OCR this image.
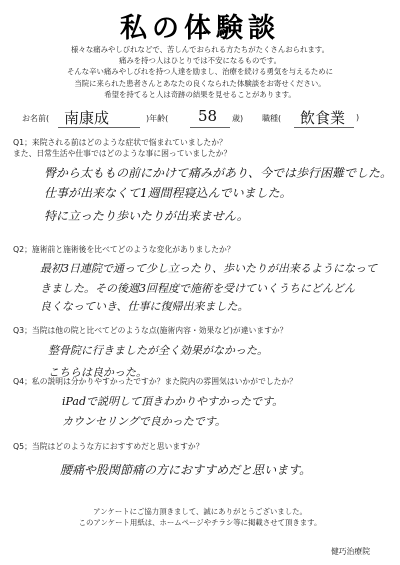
私の体験談
様々な痛みやしびれなどで、苦しんでおられる方たちがたくさんおられます。
痛みを持つ人はひとりでは不安になるものです。
そんな辛い痛みやしびれを持つ人達を励まし、治療を続ける勇気を与えるために
当院に来られた患者さんとあなたの良くなられた体験談をお寄せください。
希望を持てると人は奇跡の結果を見せることがあります。
お名前( 南康成	)年齢( 58 歳) 職種( 飲食業 )
Q1；来院される前はどのような症状で悩まれていましたか？
また、日常生活や仕事ではどのような事に困っていましたか？
臀から太ももの前にかけて痛みがあり、今では歩行困難でした。
仕事が出来なくて1週間程寝込んでいました。
特に立ったり歩いたりが出来ません。
Q2；施術前と施術後を比べてどのような変化がありましたか？
最初3日連院で通って少し立ったり、歩いたりが出来るようになって
きました。その後週3回程度で施術を受けていくうちにどんどん
良くなっていき、仕事に復帰出来ました。
Q3；当院は他の院と比べてどのような点(施術内容・効果など)が違いますか？
整骨院に行きましたが全く効果がなかった。
こちらは良かった。
Q4；私の説明は分かりやすかったですか？また院内の雰囲気はいかがでしたか？
iPadで説明して頂きわかりやすかったです。
カウンセリングで良かったです。
Q5；当院はどのような方におすすめだと思いますか？
腰痛や股関節痛の方におすすめだと思います。
アンケートにご協力頂きまして、誠にありがとうございました。
このアンケート用紙は、ホームページやチラシ等に掲載させて頂きます。
健巧治療院
